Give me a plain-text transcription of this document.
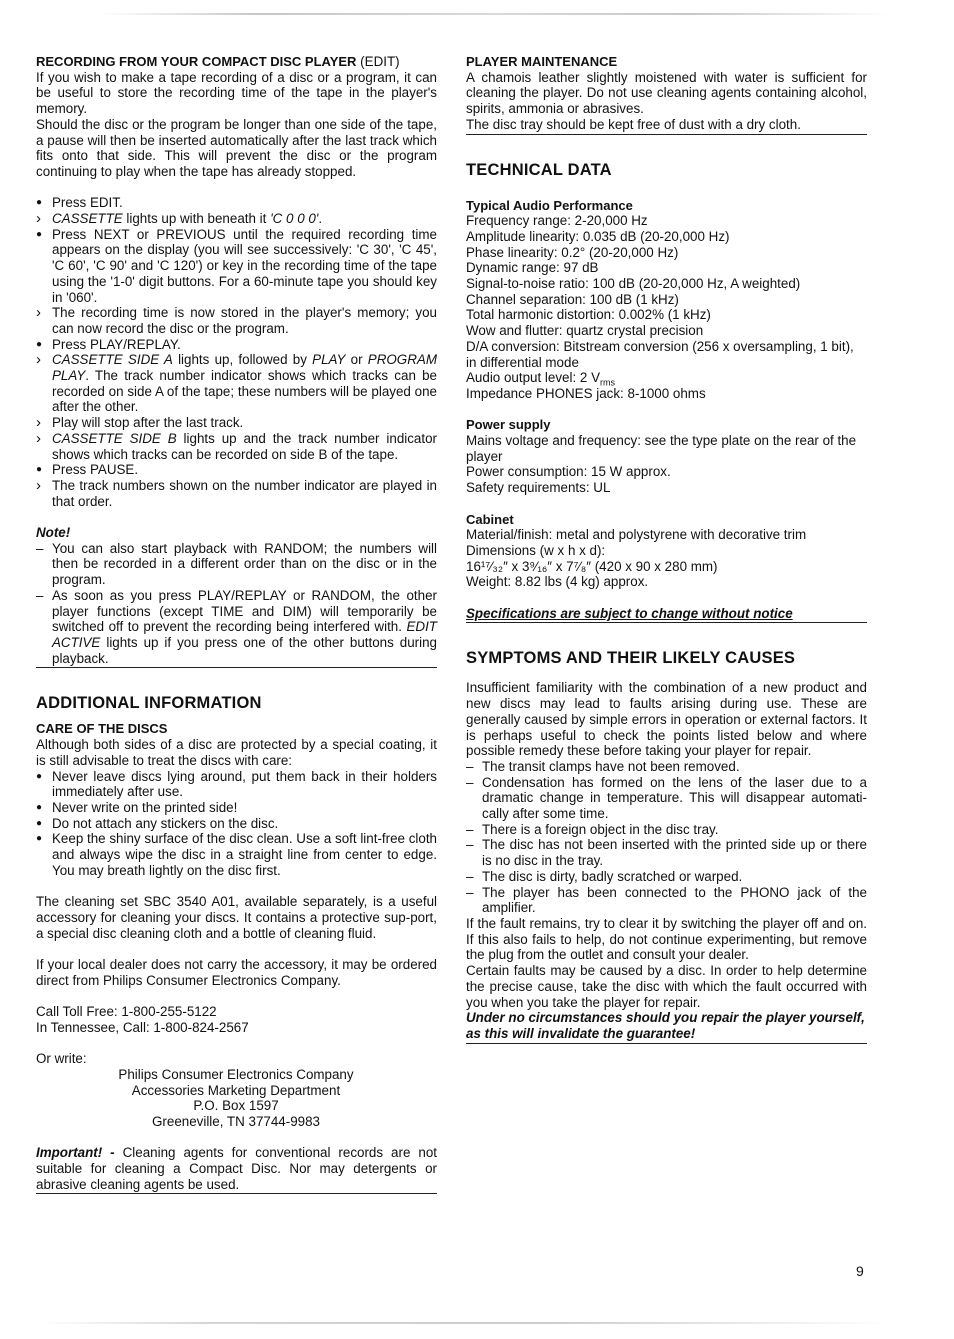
RECORDING FROM YOUR COMPACT DISC PLAYER (EDIT)

If you wish to make a tape recording of a disc or a program, it can be useful to store the recording time of the tape in the player's memory.

Should the disc or the program be longer than one side of the tape, a pause will then be inserted automatically after the last track which fits onto that side. This will prevent the disc or the program continuing to play when the tape has already stopped.

● Press EDIT.
› CASSETTE lights up with beneath it 'C 0 0 0'.
● Press NEXT or PREVIOUS until the required recording time appears on the display (you will see successively: 'C 30', 'C 45', 'C 60', 'C 90' and 'C 120') or key in the recording time of the tape using the '1-0' digit buttons. For a 60-minute tape you should key in '060'.
› The recording time is now stored in the player's memory; you can now record the disc or the program.
● Press PLAY/REPLAY.
› CASSETTE SIDE A lights up, followed by PLAY or PROGRAM PLAY. The track number indicator shows which tracks can be recorded on side A of the tape; these numbers will be played one after the other.
› Play will stop after the last track.
› CASSETTE SIDE B lights up and the track number indicator shows which tracks can be recorded on side B of the tape.
● Press PAUSE.
› The track numbers shown on the number indicator are played in that order.

Note!

– You can also start playback with RANDOM; the numbers will then be recorded in a different order than on the disc or in the program.
– As soon as you press PLAY/REPLAY or RANDOM, the other player functions (except TIME and DIM) will temporarily be switched off to prevent the recording being interfered with. EDIT ACTIVE lights up if you press one of the other buttons during playback.
ADDITIONAL INFORMATION

CARE OF THE DISCS

Although both sides of a disc are protected by a special coating, it is still advisable to treat the discs with care:

● Never leave discs lying around, put them back in their holders immediately after use.
● Never write on the printed side!
● Do not attach any stickers on the disc.
● Keep the shiny surface of the disc clean. Use a soft lint-free cloth and always wipe the disc in a straight line from center to edge. You may breath lightly on the disc first.

The cleaning set SBC 3540 A01, available separately, is a useful accessory for cleaning your discs. It contains a protective sup-port, a special disc cleaning cloth and a bottle of cleaning fluid.

If your local dealer does not carry the accessory, it may be ordered direct from Philips Consumer Electronics Company.

Call Toll Free: 1-800-255-5122

In Tennessee, Call: 1-800-824-2567

Or write:

Philips Consumer Electronics Company

Accessories Marketing Department

P.O. Box 1597

Greeneville, TN 37744-9983

Important! - Cleaning agents for conventional records are not suitable for cleaning a Compact Disc. Nor may detergents or abrasive cleaning agents be used.

PLAYER MAINTENANCE

A chamois leather slightly moistened with water is sufficient for cleaning the player. Do not use cleaning agents containing alcohol, spirits, ammonia or abrasives.

The disc tray should be kept free of dust with a dry cloth.

TECHNICAL DATA

Typical Audio Performance

Frequency range: 2-20,000 Hz

Amplitude linearity: 0.035 dB (20-20,000 Hz)

Phase linearity: 0.2° (20-20,000 Hz)

Dynamic range: 97 dB

Signal-to-noise ratio: 100 dB (20-20,000 Hz, A weighted)

Channel separation: 100 dB (1 kHz)

Total harmonic distortion: 0.002% (1 kHz)

Wow and flutter: quartz crystal precision

D/A conversion: Bitstream conversion (256 x oversampling, 1 bit), in differential mode

Audio output level: 2 $V_{rms}$

Impedance PHONES jack: 8-1000 ohms

Power supply

Mains voltage and frequency: see the type plate on the rear of the player

Power consumption: 15 W approx.

Safety requirements: UL

Cabinet

Material/finish: metal and polystyrene with decorative trim

Dimensions (w x h x d):

16¹⁷⁄₃₂″ x 3⁹⁄₁₆″ x 7⁷⁄₈″ (420 x 90 x 280 mm)

Weight: 8.82 lbs (4 kg) approx.

Specifications are subject to change without notice

SYMPTOMS AND THEIR LIKELY CAUSES

Insufficient familiarity with the combination of a new product and new discs may lead to faults arising during use. These are generally caused by simple errors in operation or external factors. It is perhaps useful to check the points listed below and where possible remedy these before taking your player for repair.

– The transit clamps have not been removed.
– Condensation has formed on the lens of the laser due to a dramatic change in temperature. This will disappear automati-cally after some time.
– There is a foreign object in the disc tray.
– The disc has not been inserted with the printed side up or there is no disc in the tray.
– The disc is dirty, badly scratched or warped.
– The player has been connected to the PHONO jack of the amplifier.

If the fault remains, try to clear it by switching the player off and on. If this also fails to help, do not continue experimenting, but remove the plug from the outlet and consult your dealer.

Certain faults may be caused by a disc. In order to help determine the precise cause, take the disc with which the fault occurred with you when you take the player for repair.

Under no circumstances should you repair the player yourself, as this will invalidate the guarantee!

9
